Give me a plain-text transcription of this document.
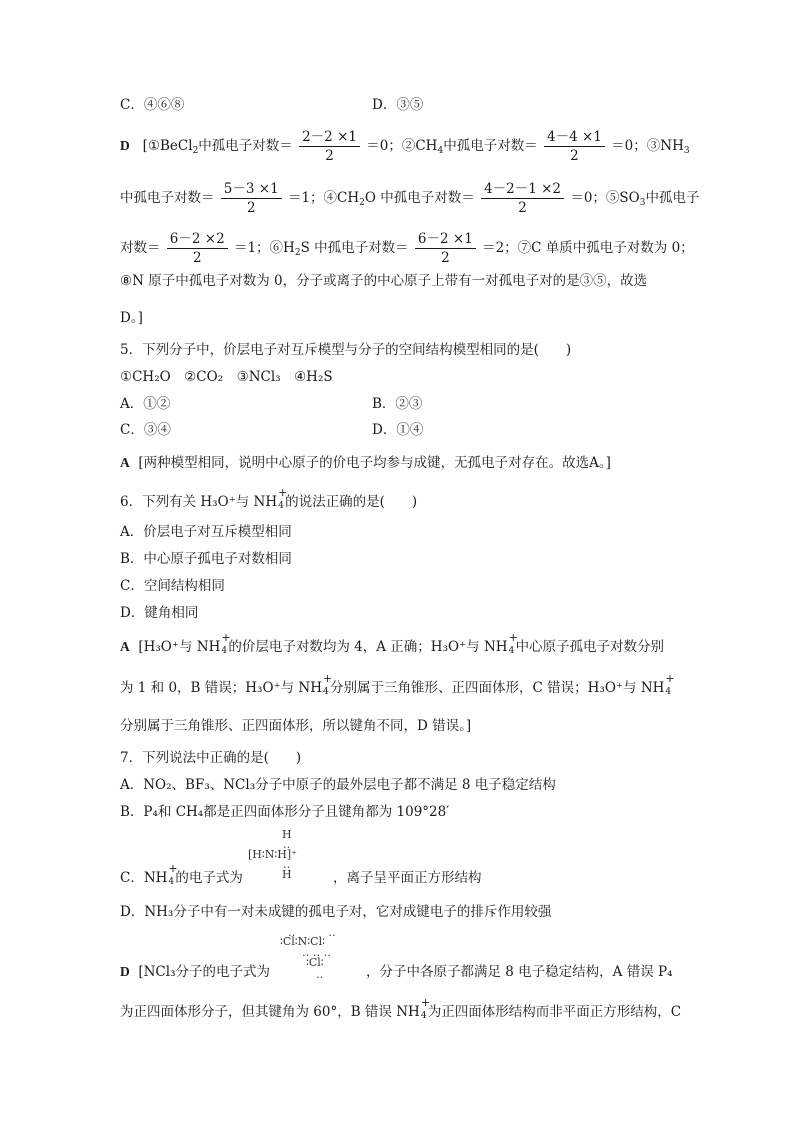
C．④⑥⑧	D．③⑤
D [①BeCl$_2$中孤电子对数＝ $\frac{2-2 \times 1}{2} =0$；$②CH_4$中孤电子对数＝ $\frac{4-4 \times 1}{2} =0$；$③NH_3$
中孤电子对数＝ $\frac{5-3 \times 1}{2} =1$；$④CH_2O$ 中孤电子对数＝ $\frac{4-2-1 \times 2}{2} =0$；$⑤SO_3$中孤电子
对数＝ $\frac{6-2 \times 2}{2} =1$；$⑥H_2S$ 中孤电子对数＝ $\frac{6-2 \times 1}{2} =2$；⑦C 单质中孤电子对数为 0；
⑧N 原子中孤电子对数为 0，分子或离子的中心原子上带有一对孤电子对的是③⑤，故选
D。]
5．下列分子中，价层电子对互斥模型与分子的空间结构模型相同的是(　　)
①CH₂O　②CO₂　③NCl₃　④H₂S
A．①②	B．②③
C．③④	D．①④
A [两种模型相同，说明中心原子的价电子均参与成键，无孤电子对存在。故选A。]
6．下列有关 H₃O⁺与 NH
+
4 的说法正确的是(　　)
A．价层电子对互斥模型相同
B．中心原子孤电子对数相同
C．空间结构相同
D．键角相同
A [H₃O⁺与 NH
+
4 的价层电子对数均为 4，A 正确；H₃O⁺与 NH
+
4 中心原子孤电子对数分别
为 1 和 0，B 错误；H₃O⁺与 NH
+
4 分别属于三角锥形、正四面体形，C 错误；H₃O⁺与 NH
+
4
分别属于三角锥形、正四面体形，所以键角不同，D 错误。]
7．下列说法中正确的是(　　)
A．NO₂、BF₃、NCl₃分子中原子的最外层电子都不满足 8 电子稳定结构
B．P₄和 CH₄都是正四面体形分子且键角都为 109°28′
H
‥
[H∶N∶H]⁺
‥
H
C．NH
+
4 的电子式为	，离子呈平面正方形结构
D．NH₃分子中有一对未成键的孤电子对，它对成键电子的排斥作用较强
‥　　　‥
∶Cl∶N∶Cl∶
‥ ‥ ‥
∶Cl∶
‥
D [NCl₃分子的电子式为	，分子中各原子都满足 8 电子稳定结构，A 错误 P₄
为正四面体形分子，但其键角为 60°，B 错误 NH
+
4 为正四面体形结构而非平面正方形结构，C
